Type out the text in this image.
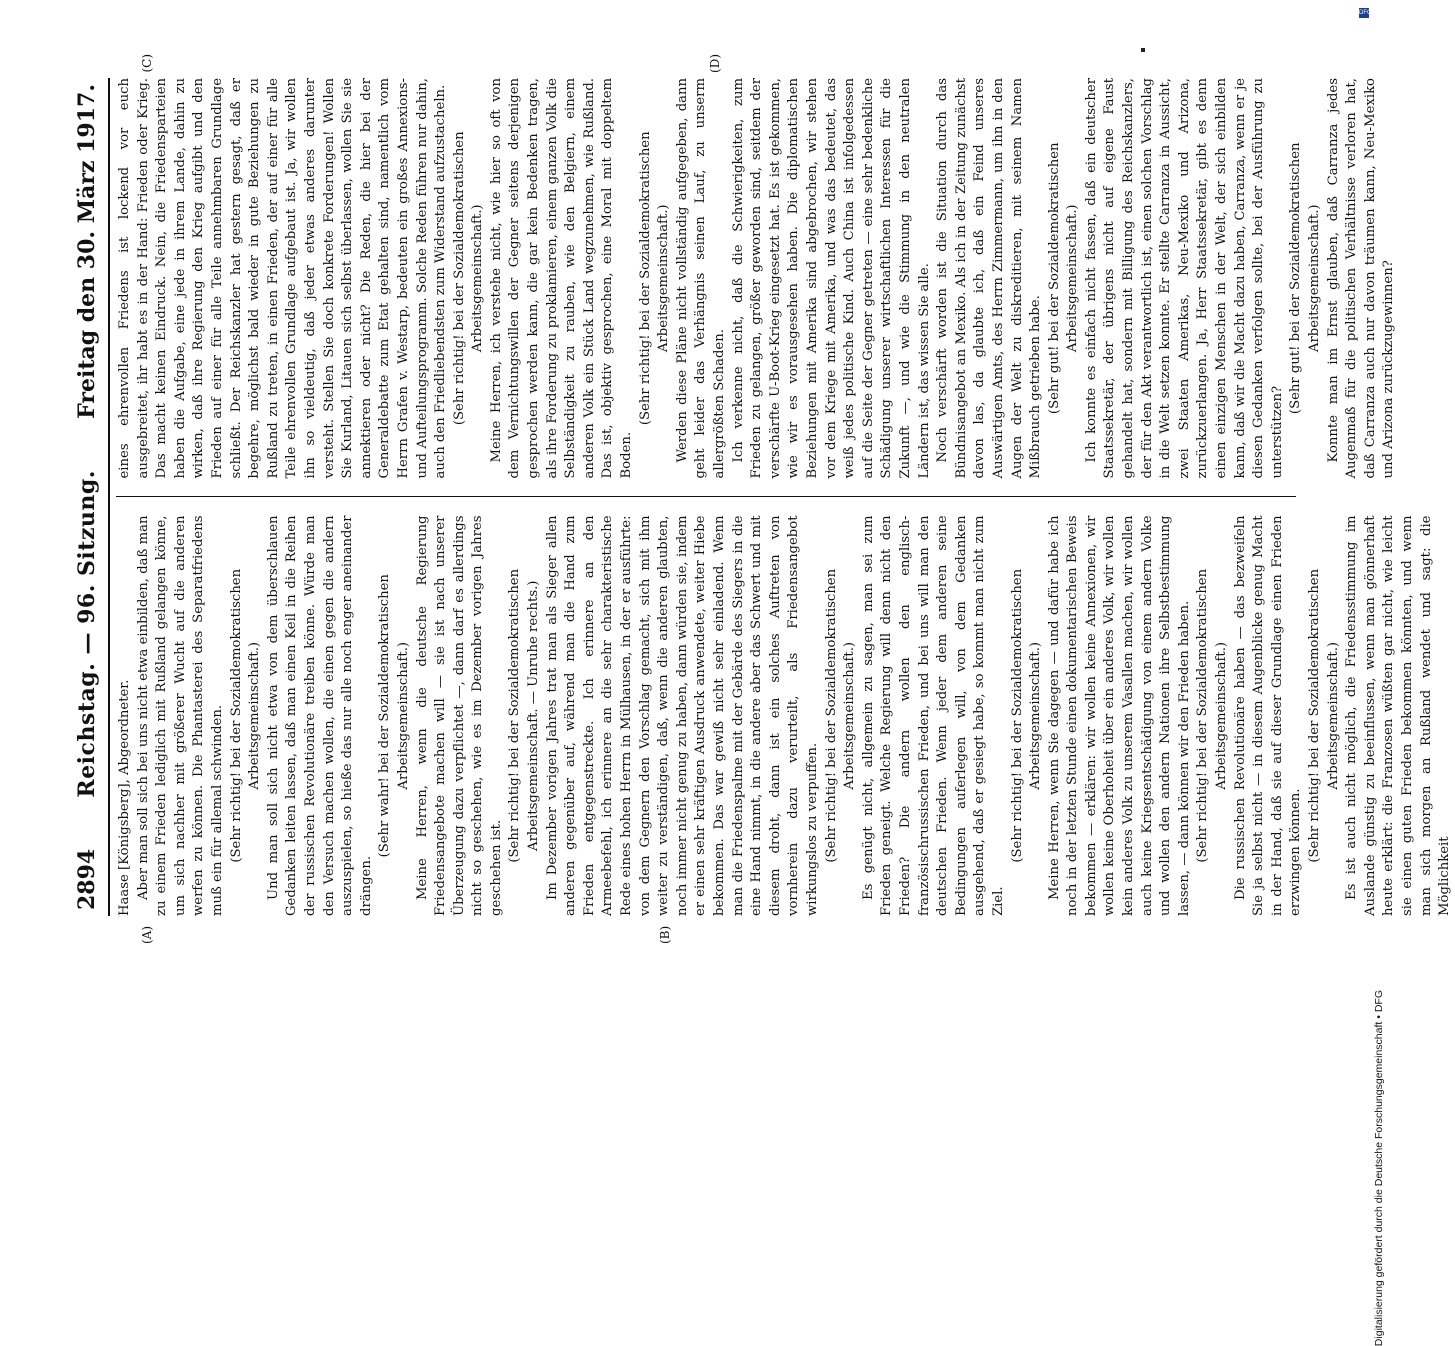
2894
Reichstag. — 96. Sitzung.
Freitag den 30. März 1917.
(A)	(B)

Haase [Königsberg], Abgeordneter. Aber man soll sich bei uns nicht etwa einbilden, daß man zu einem Frieden lediglich mit Rußland gelangen könne, um sich nachher mit größerer Wucht auf die anderen werfen zu können. Die Phantasterei des Separatfriedens muß ein für allemal schwinden. (Sehr richtig! bei der Sozialdemokratischen Arbeitsgemeinschaft.) Und man soll sich nicht etwa von dem überschlauen Gedanken leiten lassen, daß man einen Keil in die Reihen der russischen Revolutionäre treiben könne. Würde man den Versuch machen wollen, die einen gegen die andern auszuspielen, so hieße das nur alle noch enger aneinander drängen.

(Sehr wahr! bei der Sozialdemokratischen Arbeitsgemeinschaft.) Meine Herren, wenn die deutsche Regierung Friedensangebote machen will — sie ist nach unserer Überzeugung dazu verpflichtet —, dann darf es allerdings nicht so geschehen, wie es im Dezember vorigen Jahres geschehen ist.

(Sehr richtig! bei der Sozialdemokratischen Arbeitsgemeinschaft. — Unruhe rechts.) Im Dezember vorigen Jahres trat man als Sieger allen anderen gegenüber auf, während man die Hand zum Frieden entgegenstreckte. Ich erinnere an den Armeebefehl, ich erinnere an die sehr charakteristische Rede eines hohen Herrn in Mülhausen, in der er ausführte: von dem Gegnern den Vorschlag gemacht, sich mit ihm weiter zu verständigen, daß, wenn die anderen glaubten, noch immer nicht genug zu haben, dann würden sie, indem er einen sehr kräftigen Ausdruck anwendete, weiter Hiebe bekommen. Das war gewiß nicht sehr einladend. Wenn man die Friedenspalme mit der Gebärde des Siegers in die eine Hand nimmt, in die andere aber das Schwert und mit diesem droht, dann ist ein solches Auftreten von vornherein dazu verurteilt, als Friedensangebot wirkungslos zu verpuffen. (Sehr richtig! bei der Sozialdemokratischen Arbeitsgemeinschaft.) Es genügt nicht, allgemein zu sagen, man sei zum Frieden geneigt. Welche Regierung will denn nicht den Frieden? Die andern wollen den englisch-französischrussischen Frieden, und bei uns will man den deutschen Frieden. Wenn jeder dem anderen seine Bedingungen auferlegen will, von dem Gedanken ausgehend, daß er gesiegt habe, so kommt man nicht zum Ziel.

(Sehr richtig! bei der Sozialdemokratischen Arbeitsgemeinschaft.) Meine Herren, wenn Sie dagegen — und dafür habe ich noch in der letzten Stunde einen dokumentarischen Beweis bekommen — erklären: wir wollen keine Annexionen, wir wollen keine Oberhoheit über ein anderes Volk, wir wollen kein anderes Volk zu unserem Vasallen machen, wir wollen auch keine Kriegsentschädigung von einem andern Volke und wollen den andern Nationen ihre Selbstbestimmung lassen, — dann können wir den Frieden haben. (Sehr richtig! bei der Sozialdemokratischen Arbeitsgemeinschaft.) Die russischen Revolutionäre haben — das bezweifeln Sie ja selbst nicht — in diesem Augenblicke genug Macht in der Hand, daß sie auf dieser Grundlage einen Frieden erzwingen können. (Sehr richtig! bei der Sozialdemokratischen Arbeitsgemeinschaft.) Es ist auch nicht möglich, die Friedensstimmung im Auslande günstig zu beeinflussen, wenn man gönnerhaft heute erklärt: die Franzosen wüßten gar nicht, wie leicht sie einen guten Frieden bekommen könnten, und wenn man sich morgen an Rußland wendet und sagt: die Möglichkeit

(C)	(D)

eines ehrenvollen Friedens ist lockend vor euch ausgebreitet, ihr habt es in der Hand: Frieden oder Krieg. Das macht keinen Eindruck. Nein, die Friedensparteien haben die Aufgabe, eine jede in ihrem Lande, dahin zu wirken, daß ihre Regierung den Krieg aufgibt und den Frieden auf einer für alle Teile annehmbaren Grundlage schließt. Der Reichskanzler hat gestern gesagt, daß er begehre, möglichst bald wieder in gute Beziehungen zu Rußland zu treten, in einen Frieden, der auf einer für alle Teile ehrenvollen Grundlage aufgebaut ist. Ja, wir wollen ihn so vieldeutig, daß jeder etwas anderes darunter versteht. Stellen Sie doch konkrete Forderungen! Wollen Sie Kurland, Litauen sich selbst überlassen, wollen Sie sie annektieren oder nicht? Die Reden, die hier bei der Generaldebatte zum Etat gehalten sind, namentlich vom Herrn Grafen v. Westarp, bedeuten ein großes Annexions- und Aufteilungsprogramm. Solche Reden führen nur dahin, auch den Friedliebendsten zum Widerstand aufzustacheln. (Sehr richtig! bei der Sozialdemokratischen Arbeitsgemeinschaft.) Meine Herren, ich verstehe nicht, wie hier so oft von dem Vernichtungswillen der Gegner seitens derjenigen gesprochen werden kann, die gar kein Bedenken tragen, als ihre Forderung zu proklamieren, einem ganzen Volk die Selbständigkeit zu rauben, wie den Belgiern, einem anderen Volk ein Stück Land wegzunehmen, wie Rußland. Das ist, objektiv gesprochen, eine Moral mit doppeltem Boden.

(Sehr richtig! bei der Sozialdemokratischen Arbeitsgemeinschaft.) Werden diese Pläne nicht vollständig aufgegeben, dann geht leider das Verhängnis seinen Lauf, zu unserm allergrößten Schaden. Ich verkenne nicht, daß die Schwierigkeiten, zum Frieden zu gelangen, größer geworden sind, seitdem der verschärfte U-Boot-Krieg eingesetzt hat. Es ist gekommen, wie wir es vorausgesehen haben. Die diplomatischen Beziehungen mit Amerika sind abgebrochen, wir stehen vor dem Kriege mit Amerika, und was das bedeutet, das weiß jedes politische Kind. Auch China ist infolgedessen auf die Seite der Gegner getreten — eine sehr bedenkliche Schädigung unserer wirtschaftlichen Interessen für die Zukunft —, und wie die Stimmung in den neutralen Ländern ist, das wissen Sie alle. Noch verschärft worden ist die Situation durch das Bündnisangebot an Mexiko. Als ich in der Zeitung zunächst davon las, da glaubte ich, daß ein Feind unseres Auswärtigen Amts, des Herrn Zimmermann, um ihn in den Augen der Welt zu diskreditieren, mit seinem Namen Mißbrauch getrieben habe. (Sehr gut! bei der Sozialdemokratischen Arbeitsgemeinschaft.) Ich konnte es einfach nicht fassen, daß ein deutscher Staatssekretär, der übrigens nicht auf eigene Faust gehandelt hat, sondern mit Billigung des Reichskanzlers, der für den Akt verantwortlich ist, einen solchen Vorschlag in die Welt setzen konnte. Er stellte Carranza in Aussicht, zwei Staaten Amerikas, Neu-Mexiko und Arizona, zurückzuerlangen. Ja, Herr Staatssekretär, gibt es denn einen einzigen Menschen in der Welt, der sich einbilden kann, daß wir die Macht dazu haben, Carranza, wenn er je diesen Gedanken verfolgen sollte, bei der Ausführung zu unterstützen?

(Sehr gut! bei der Sozialdemokratischen Arbeitsgemeinschaft.) Konnte man im Ernst glauben, daß Carranza jedes Augenmaß für die politischen Verhältnisse verloren hat, daß Carranza auch nur davon träumen kann, Neu-Mexiko und Arizona zurückzugewinnen?

DFG
Digitalisierung gefördert durch die Deutsche Forschungsgemeinschaft • DFG
